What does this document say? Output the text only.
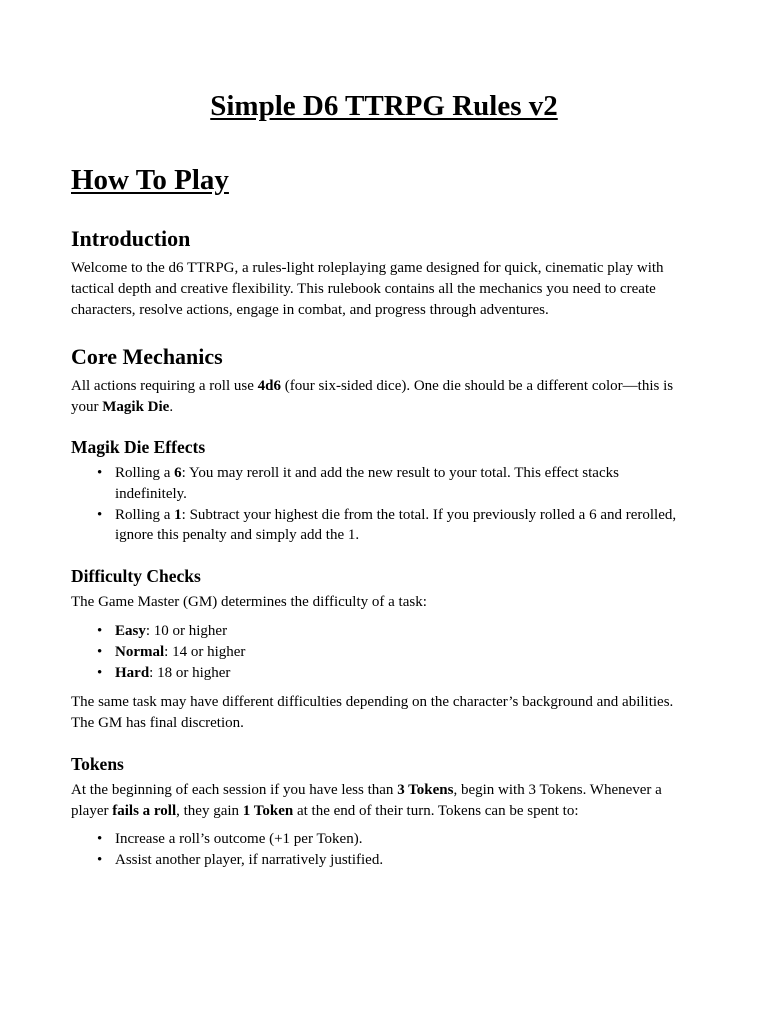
Simple D6 TTRPG Rules v2
How To Play
Introduction

Welcome to the d6 TTRPG, a rules-light roleplaying game designed for quick, cinematic play with tactical depth and creative flexibility. This rulebook contains all the mechanics you need to create characters, resolve actions, engage in combat, and progress through adventures.

Core Mechanics

All actions requiring a roll use 4d6 (four six-sided dice). One die should be a different color—this is your Magik Die.

Magik Die Effects
• Rolling a 6: You may reroll it and add the new result to your total. This effect stacks indefinitely.
• Rolling a 1: Subtract your highest die from the total. If you previously rolled a 6 and rerolled, ignore this penalty and simply add the 1.
Difficulty Checks

The Game Master (GM) determines the difficulty of a task:

• Easy: 10 or higher
• Normal: 14 or higher
• Hard: 18 or higher

The same task may have different difficulties depending on the character’s background and abilities. The GM has final discretion.

Tokens

At the beginning of each session if you have less than 3 Tokens, begin with 3 Tokens. Whenever a player fails a roll, they gain 1 Token at the end of their turn. Tokens can be spent to:

• Increase a roll’s outcome (+1 per Token).
• Assist another player, if narratively justified.
